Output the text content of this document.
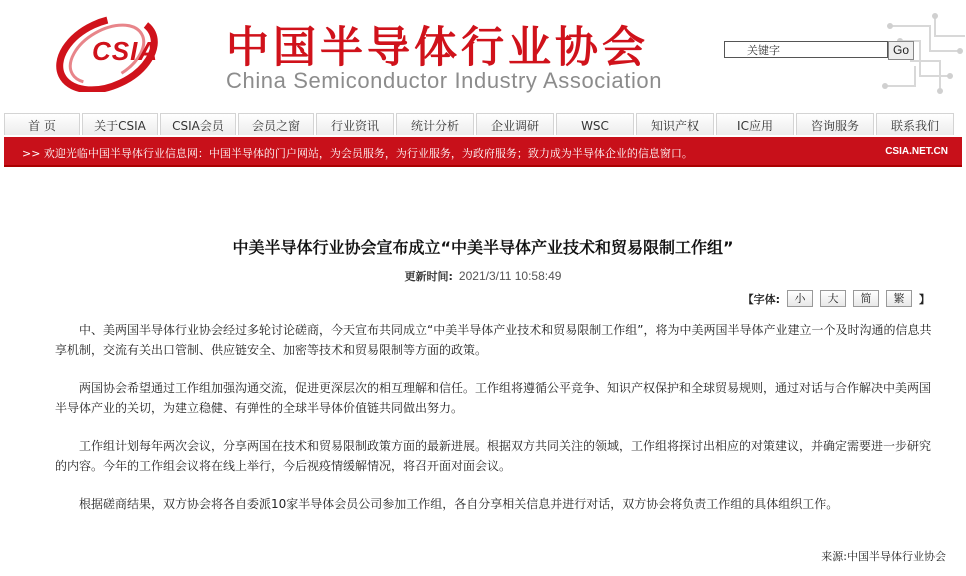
CSIA 中国半导体行业协会
China Semiconductor Industry Association
关键字
Go
首 页	关于CSIA	CSIA会员	会员之窗	行业资讯	统计分析	企业调研	WSC	知识产权	IC应用	咨询服务	联系我们
>> 欢迎光临中国半导体行业信息网：中国半导体的门户网站，为会员服务，为行业服务，为政府服务；致力成为半导体企业的信息窗口。	CSIA.NET.CN
中美半导体行业协会宣布成立“中美半导体产业技术和贸易限制工作组”
更新时间: 2021/3/11 10:58:49
【字体:	小	大	简	繁	】
中、美两国半导体行业协会经过多轮讨论磋商，今天宣布共同成立“中美半导体产业技术和贸易限制工作组”，将为中美两国半导体产业建立一个及时沟通的信息共享机制，交流有关出口管制、供应链安全、加密等技术和贸易限制等方面的政策。
两国协会希望通过工作组加强沟通交流，促进更深层次的相互理解和信任。工作组将遵循公平竞争、知识产权保护和全球贸易规则，通过对话与合作解决中美两国半导体产业的关切，为建立稳健、有弹性的全球半导体价值链共同做出努力。
工作组计划每年两次会议，分享两国在技术和贸易限制政策方面的最新进展。根据双方共同关注的领域，工作组将探讨出相应的对策建议，并确定需要进一步研究的内容。今年的工作组会议将在线上举行，今后视疫情缓解情况，将召开面对面会议。
根据磋商结果，双方协会将各自委派10家半导体会员公司参加工作组，各自分享相关信息并进行对话，双方协会将负责工作组的具体组织工作。
来源:中国半导体行业协会
